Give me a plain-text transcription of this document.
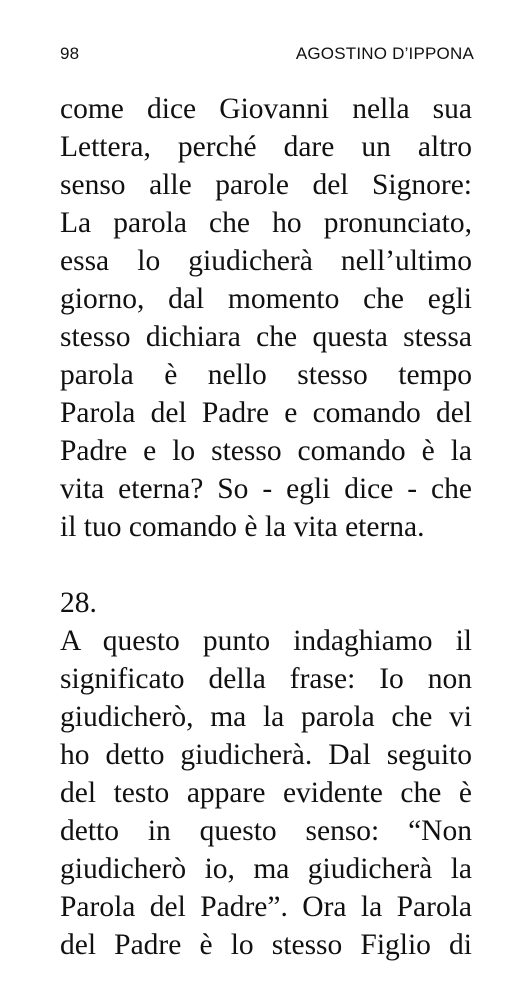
98	AGOSTINO D’IPPONA
come dice Giovanni nella sua
Lettera, perché dare un altro
senso alle parole del Signore:
La parola che ho pronunciato,
essa lo giudicherà nell’ultimo
giorno, dal momento che egli
stesso dichiara che questa stessa
parola è nello stesso tempo
Parola del Padre e comando del
Padre e lo stesso comando è la
vita eterna? So - egli dice - che
il tuo comando è la vita eterna.
28.
A questo punto indaghiamo il
significato della frase: Io non
giudicherò, ma la parola che vi
ho detto giudicherà. Dal seguito
del testo appare evidente che è
detto in questo senso: “Non
giudicherò io, ma giudicherà la
Parola del Padre”. Ora la Parola
del Padre è lo stesso Figlio di
